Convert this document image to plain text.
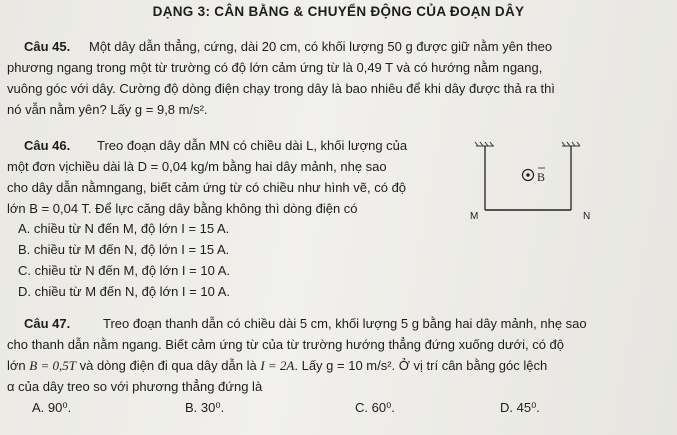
DẠNG 3: CÂN BẰNG & CHUYỂN ĐỘNG CỦA ĐOẠN DÂY
Câu 45. Một dây dẫn thẳng, cứng, dài 20 cm, có khối lượng 50 g được giữ nằm yên theo
phương ngang trong một từ trường có độ lớn cảm ứng từ là 0,49 T và có hướng nằm ngang,
vuông góc với dây. Cường độ dòng điện chạy trong dây là bao nhiêu để khi dây được thả ra thì
nó vẫn nằm yên? Lấy g = 9,8 m/s².
Câu 46. Treo đoạn dây dẫn MN có chiều dài L, khối lượng của
một đơn vịchiều dài là D = 0,04 kg/m bằng hai dây mảnh, nhẹ sao
cho dây dẫn nằmngang, biết cảm ứng từ có chiều như hình vẽ, có độ
lớn B = 0,04 T. Để lực căng dây bằng không thì dòng điện có
A. chiều từ N đến M, độ lớn I = 15 A.
B. chiều từ M đến N, độ lớn I = 15 A.
C. chiều từ N đến M, độ lớn I = 10 A.
D. chiều từ M đến N, độ lớn I = 10 A.
B
M	N
Câu 47.	Treo đoạn thanh dẫn có chiều dài 5 cm, khối lượng 5 g bằng hai dây mảnh, nhẹ sao
cho thanh dẫn nằm ngang. Biết cảm ứng từ của từ trường hướng thẳng đứng xuống dưới, có độ
lớn B = 0,5T và dòng điện đi qua dây dẫn là I = 2A. Lấy g = 10 m/s². Ở vị trí cân bằng góc lệch
α của dây treo so với phương thẳng đứng là
A. 90⁰.	B. 30⁰.	C. 60⁰.	D. 45⁰.
